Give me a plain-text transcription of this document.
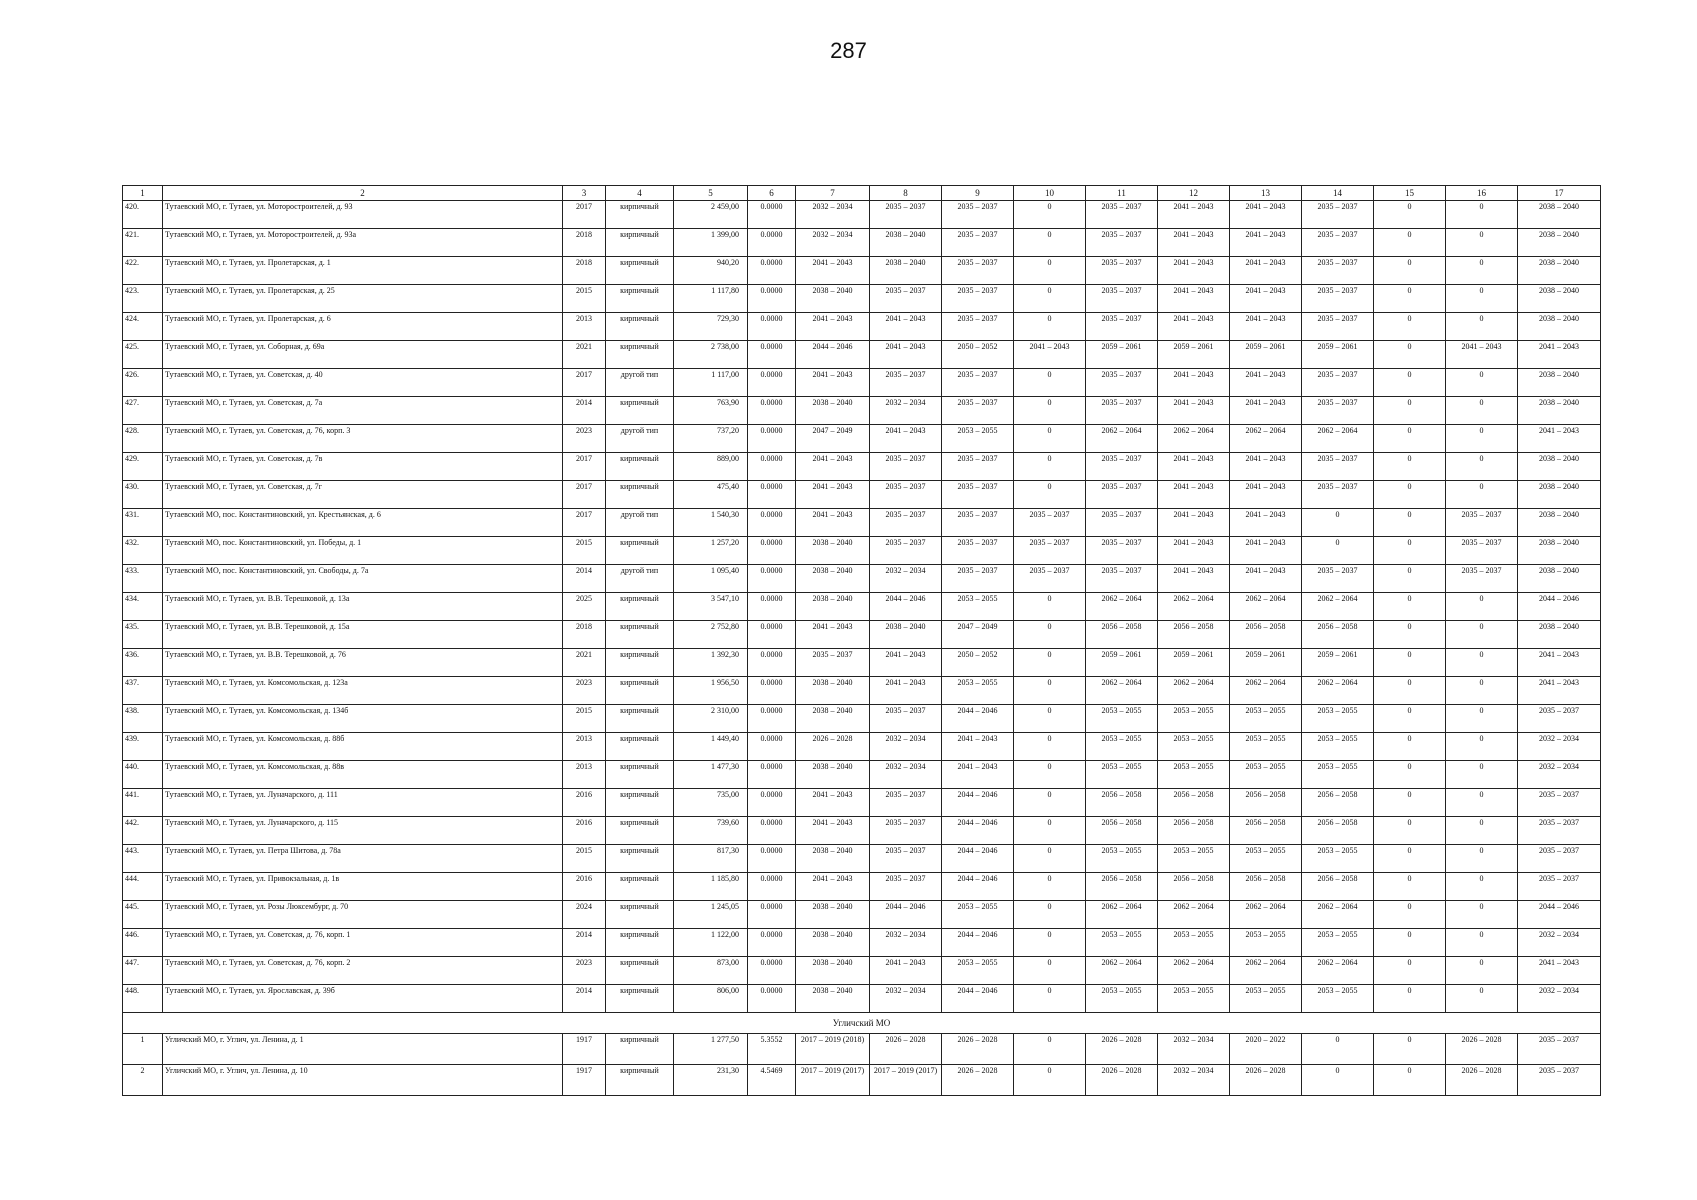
287
1	2	3	4	5	6	7	8	9	10	11	12	13	14	15	16	17
420.	Тутаевский МО, г. Тутаев, ул. Моторостроителей, д. 93	2017	кирпичный	2 459,00	0.0000	2032 – 2034	2035 – 2037	2035 – 2037	0	2035 – 2037	2041 – 2043	2041 – 2043	2035 – 2037	0	0	2038 – 2040
421.	Тутаевский МО, г. Тутаев, ул. Моторостроителей, д. 93а	2018	кирпичный	1 399,00	0.0000	2032 – 2034	2038 – 2040	2035 – 2037	0	2035 – 2037	2041 – 2043	2041 – 2043	2035 – 2037	0	0	2038 – 2040
422.	Тутаевский МО, г. Тутаев, ул. Пролетарская, д. 1	2018	кирпичный	940,20	0.0000	2041 – 2043	2038 – 2040	2035 – 2037	0	2035 – 2037	2041 – 2043	2041 – 2043	2035 – 2037	0	0	2038 – 2040
423.	Тутаевский МО, г. Тутаев, ул. Пролетарская, д. 25	2015	кирпичный	1 117,80	0.0000	2038 – 2040	2035 – 2037	2035 – 2037	0	2035 – 2037	2041 – 2043	2041 – 2043	2035 – 2037	0	0	2038 – 2040
424.	Тутаевский МО, г. Тутаев, ул. Пролетарская, д. 6	2013	кирпичный	729,30	0.0000	2041 – 2043	2041 – 2043	2035 – 2037	0	2035 – 2037	2041 – 2043	2041 – 2043	2035 – 2037	0	0	2038 – 2040
425.	Тутаевский МО, г. Тутаев, ул. Соборная, д. 69а	2021	кирпичный	2 738,00	0.0000	2044 – 2046	2041 – 2043	2050 – 2052	2041 – 2043	2059 – 2061	2059 – 2061	2059 – 2061	2059 – 2061	0	2041 – 2043	2041 – 2043
426.	Тутаевский МО, г. Тутаев, ул. Советская, д. 40	2017	другой тип	1 117,00	0.0000	2041 – 2043	2035 – 2037	2035 – 2037	0	2035 – 2037	2041 – 2043	2041 – 2043	2035 – 2037	0	0	2038 – 2040
427.	Тутаевский МО, г. Тутаев, ул. Советская, д. 7а	2014	кирпичный	763,90	0.0000	2038 – 2040	2032 – 2034	2035 – 2037	0	2035 – 2037	2041 – 2043	2041 – 2043	2035 – 2037	0	0	2038 – 2040
428.	Тутаевский МО, г. Тутаев, ул. Советская, д. 76, корп. 3	2023	другой тип	737,20	0.0000	2047 – 2049	2041 – 2043	2053 – 2055	0	2062 – 2064	2062 – 2064	2062 – 2064	2062 – 2064	0	0	2041 – 2043
429.	Тутаевский МО, г. Тутаев, ул. Советская, д. 7в	2017	кирпичный	889,00	0.0000	2041 – 2043	2035 – 2037	2035 – 2037	0	2035 – 2037	2041 – 2043	2041 – 2043	2035 – 2037	0	0	2038 – 2040
430.	Тутаевский МО, г. Тутаев, ул. Советская, д. 7г	2017	кирпичный	475,40	0.0000	2041 – 2043	2035 – 2037	2035 – 2037	0	2035 – 2037	2041 – 2043	2041 – 2043	2035 – 2037	0	0	2038 – 2040
431.	Тутаевский МО, пос. Константиновский, ул. Крестьянская, д. 6	2017	другой тип	1 540,30	0.0000	2041 – 2043	2035 – 2037	2035 – 2037	2035 – 2037	2035 – 2037	2041 – 2043	2041 – 2043	0	0	2035 – 2037	2038 – 2040
432.	Тутаевский МО, пос. Константиновский, ул. Победы, д. 1	2015	кирпичный	1 257,20	0.0000	2038 – 2040	2035 – 2037	2035 – 2037	2035 – 2037	2035 – 2037	2041 – 2043	2041 – 2043	0	0	2035 – 2037	2038 – 2040
433.	Тутаевский МО, пос. Константиновский, ул. Свободы, д. 7а	2014	другой тип	1 095,40	0.0000	2038 – 2040	2032 – 2034	2035 – 2037	2035 – 2037	2035 – 2037	2041 – 2043	2041 – 2043	2035 – 2037	0	2035 – 2037	2038 – 2040
434.	Тутаевский МО, г. Тутаев, ул. В.В. Терешковой, д. 13а	2025	кирпичный	3 547,10	0.0000	2038 – 2040	2044 – 2046	2053 – 2055	0	2062 – 2064	2062 – 2064	2062 – 2064	2062 – 2064	0	0	2044 – 2046
435.	Тутаевский МО, г. Тутаев, ул. В.В. Терешковой, д. 15а	2018	кирпичный	2 752,80	0.0000	2041 – 2043	2038 – 2040	2047 – 2049	0	2056 – 2058	2056 – 2058	2056 – 2058	2056 – 2058	0	0	2038 – 2040
436.	Тутаевский МО, г. Тутаев, ул. В.В. Терешковой, д. 76	2021	кирпичный	1 392,30	0.0000	2035 – 2037	2041 – 2043	2050 – 2052	0	2059 – 2061	2059 – 2061	2059 – 2061	2059 – 2061	0	0	2041 – 2043
437.	Тутаевский МО, г. Тутаев, ул. Комсомольская, д. 123а	2023	кирпичный	1 956,50	0.0000	2038 – 2040	2041 – 2043	2053 – 2055	0	2062 – 2064	2062 – 2064	2062 – 2064	2062 – 2064	0	0	2041 – 2043
438.	Тутаевский МО, г. Тутаев, ул. Комсомольская, д. 134б	2015	кирпичный	2 310,00	0.0000	2038 – 2040	2035 – 2037	2044 – 2046	0	2053 – 2055	2053 – 2055	2053 – 2055	2053 – 2055	0	0	2035 – 2037
439.	Тутаевский МО, г. Тутаев, ул. Комсомольская, д. 88б	2013	кирпичный	1 449,40	0.0000	2026 – 2028	2032 – 2034	2041 – 2043	0	2053 – 2055	2053 – 2055	2053 – 2055	2053 – 2055	0	0	2032 – 2034
440.	Тутаевский МО, г. Тутаев, ул. Комсомольская, д. 88в	2013	кирпичный	1 477,30	0.0000	2038 – 2040	2032 – 2034	2041 – 2043	0	2053 – 2055	2053 – 2055	2053 – 2055	2053 – 2055	0	0	2032 – 2034
441.	Тутаевский МО, г. Тутаев, ул. Луначарского, д. 111	2016	кирпичный	735,00	0.0000	2041 – 2043	2035 – 2037	2044 – 2046	0	2056 – 2058	2056 – 2058	2056 – 2058	2056 – 2058	0	0	2035 – 2037
442.	Тутаевский МО, г. Тутаев, ул. Луначарского, д. 115	2016	кирпичный	739,60	0.0000	2041 – 2043	2035 – 2037	2044 – 2046	0	2056 – 2058	2056 – 2058	2056 – 2058	2056 – 2058	0	0	2035 – 2037
443.	Тутаевский МО, г. Тутаев, ул. Петра Шитова, д. 78а	2015	кирпичный	817,30	0.0000	2038 – 2040	2035 – 2037	2044 – 2046	0	2053 – 2055	2053 – 2055	2053 – 2055	2053 – 2055	0	0	2035 – 2037
444.	Тутаевский МО, г. Тутаев, ул. Привокзальная, д. 1в	2016	кирпичный	1 185,80	0.0000	2041 – 2043	2035 – 2037	2044 – 2046	0	2056 – 2058	2056 – 2058	2056 – 2058	2056 – 2058	0	0	2035 – 2037
445.	Тутаевский МО, г. Тутаев, ул. Розы Люксембург, д. 70	2024	кирпичный	1 245,05	0.0000	2038 – 2040	2044 – 2046	2053 – 2055	0	2062 – 2064	2062 – 2064	2062 – 2064	2062 – 2064	0	0	2044 – 2046
446.	Тутаевский МО, г. Тутаев, ул. Советская, д. 76, корп. 1	2014	кирпичный	1 122,00	0.0000	2038 – 2040	2032 – 2034	2044 – 2046	0	2053 – 2055	2053 – 2055	2053 – 2055	2053 – 2055	0	0	2032 – 2034
447.	Тутаевский МО, г. Тутаев, ул. Советская, д. 76, корп. 2	2023	кирпичный	873,00	0.0000	2038 – 2040	2041 – 2043	2053 – 2055	0	2062 – 2064	2062 – 2064	2062 – 2064	2062 – 2064	0	0	2041 – 2043
448.	Тутаевский МО, г. Тутаев, ул. Ярославская, д. 39б	2014	кирпичный	806,00	0.0000	2038 – 2040	2032 – 2034	2044 – 2046	0	2053 – 2055	2053 – 2055	2053 – 2055	2053 – 2055	0	0	2032 – 2034
Угличский МО																
1	Угличский МО, г. Углич, ул. Ленина, д. 1	1917	кирпичный	1 277,50	5.3552	2017 – 2019 (2018)	2026 – 2028	2026 – 2028	0	2026 – 2028	2032 – 2034	2020 – 2022	0	0	2026 – 2028	2035 – 2037
2	Угличский МО, г. Углич, ул. Ленина, д. 10	1917	кирпичный	231,30	4.5469	2017 – 2019 (2017)	2017 – 2019 (2017)	2026 – 2028	0	2026 – 2028	2032 – 2034	2026 – 2028	0	0	2026 – 2028	2035 – 2037
